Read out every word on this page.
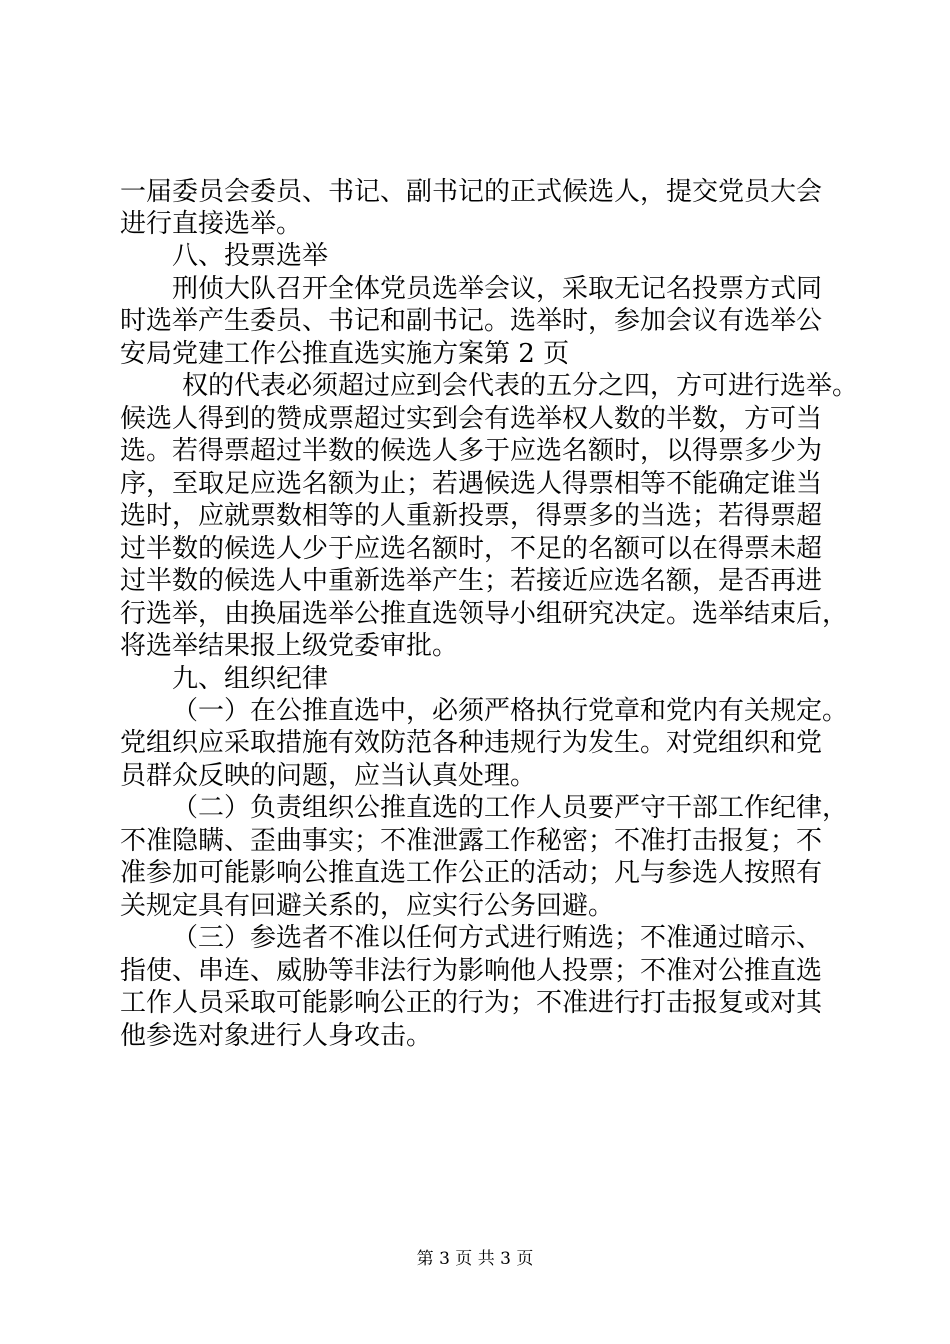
一届委员会委员、书记、副书记的正式候选人，提交党员大会
进行直接选举。
八、投票选举
刑侦大队召开全体党员选举会议，采取无记名投票方式同
时选举产生委员、书记和副书记。选举时，参加会议有选举公
安局党建工作公推直选实施方案第 2 页
权的代表必须超过应到会代表的五分之四，方可进行选举。
候选人得到的赞成票超过实到会有选举权人数的半数，方可当
选。若得票超过半数的候选人多于应选名额时，以得票多少为
序，至取足应选名额为止；若遇候选人得票相等不能确定谁当
选时，应就票数相等的人重新投票，得票多的当选；若得票超
过半数的候选人少于应选名额时，不足的名额可以在得票未超
过半数的候选人中重新选举产生；若接近应选名额，是否再进
行选举，由换届选举公推直选领导小组研究决定。选举结束后，
将选举结果报上级党委审批。
九、组织纪律
（一）在公推直选中，必须严格执行党章和党内有关规定。
党组织应采取措施有效防范各种违规行为发生。对党组织和党
员群众反映的问题，应当认真处理。
（二）负责组织公推直选的工作人员要严守干部工作纪律，
不准隐瞒、歪曲事实；不准泄露工作秘密；不准打击报复；不
准参加可能影响公推直选工作公正的活动；凡与参选人按照有
关规定具有回避关系的，应实行公务回避。
（三）参选者不准以任何方式进行贿选；不准通过暗示、
指使、串连、威胁等非法行为影响他人投票；不准对公推直选
工作人员采取可能影响公正的行为；不准进行打击报复或对其
他参选对象进行人身攻击。
第 3 页 共 3 页
